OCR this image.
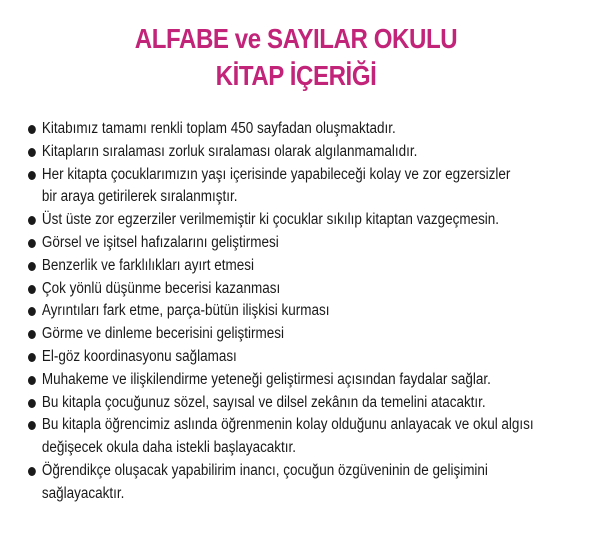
ALFABE ve SAYILAR OKULU
KİTAP İÇERİĞİ
Kitabımız tamamı renkli toplam 450 sayfadan oluşmaktadır.
Kitapların sıralaması zorluk sıralaması olarak algılanmamalıdır.
Her kitapta çocuklarımızın yaşı içerisinde yapabileceği kolay ve zor egzersizler
bir araya getirilerek sıralanmıştır.
Üst üste zor egzerziler verilmemiştir ki çocuklar sıkılıp kitaptan vazgeçmesin.
Görsel ve işitsel hafızalarını geliştirmesi
Benzerlik ve farklılıkları ayırt etmesi
Çok yönlü düşünme becerisi kazanması
Ayrıntıları fark etme, parça-bütün ilişkisi kurması
Görme ve dinleme becerisini geliştirmesi
El-göz koordinasyonu sağlaması
Muhakeme ve ilişkilendirme yeteneği geliştirmesi açısından faydalar sağlar.
Bu kitapla çocuğunuz sözel, sayısal ve dilsel zekânın da temelini atacaktır.
Bu kitapla öğrencimiz aslında öğrenmenin kolay olduğunu anlayacak ve okul algısı
değişecek okula daha istekli başlayacaktır.
Öğrendikçe oluşacak yapabilirim inancı, çocuğun özgüveninin de gelişimini
sağlayacaktır.
